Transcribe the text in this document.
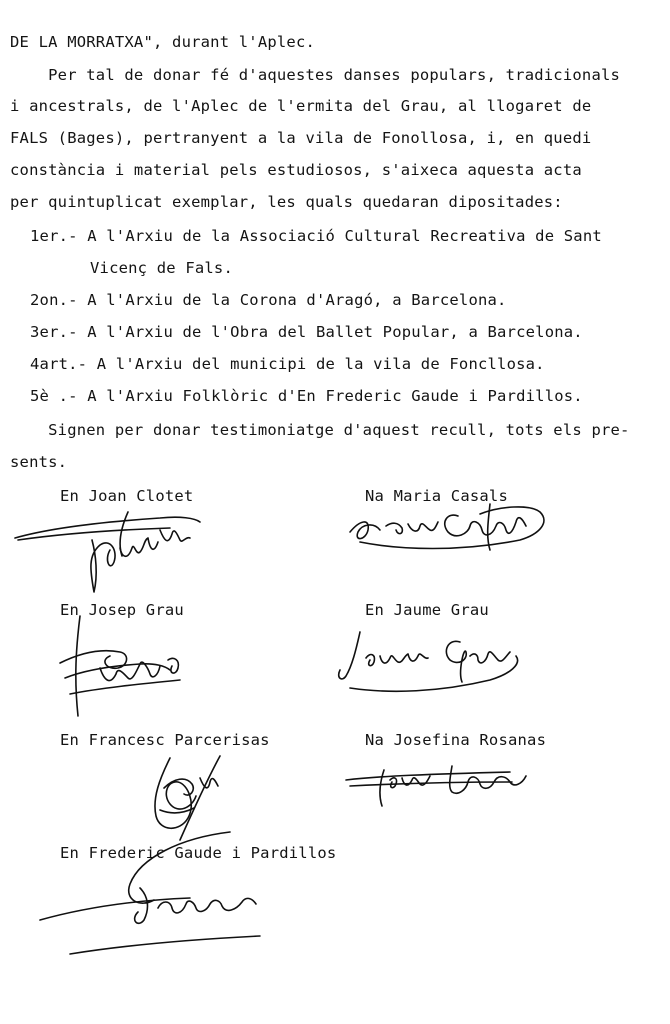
DE LA MORRATXA", durant l'Aplec.
Per tal de donar fé d'aquestes danses populars, tradicionals
i ancestrals, de l'Aplec de l'ermita del Grau, al llogaret de
FALS (Bages), pertranyent a la vila de Fonollosa, i, en quedi
constància i material pels estudiosos, s'aixeca aquesta acta
per quintuplicat exemplar, les quals quedaran dipositades:
1er.- A l'Arxiu de la Associació Cultural Recreativa de Sant
Vicenç de Fals.
2on.- A l'Arxiu de la Corona d'Aragó, a Barcelona.
3er.- A l'Arxiu de l'Obra del Ballet Popular, a Barcelona.
4art.- A l'Arxiu del municipi de la vila de Foncllosa.
5è .- A l'Arxiu Folklòric d'En Frederic Gaude i Pardillos.
Signen per donar testimoniatge d'aquest recull, tots els pre-
sents.
En Joan Clotet	Na Maria Casals
En Josep Grau	En Jaume Grau
En Francesc Parcerisas	Na Josefina Rosanas
En Frederic Gaude i Pardillos
